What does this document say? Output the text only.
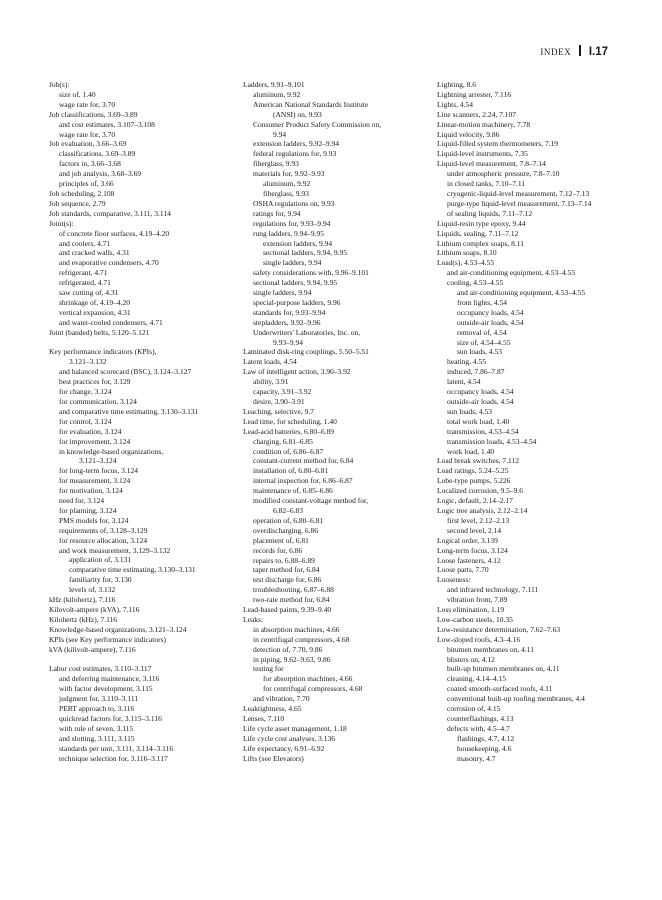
INDEX I.17
Job(s):
size of, 1.40
wage rate for, 3.70
Job classifications, 3.69–3.89
and cost estimates, 3.107–3.108
wage rate for, 3.70
Job evaluation, 3.66–3.69
classifications, 3.69–3.89
factors in, 3.66–3.68
and job analysis, 3.68–3.69
principles of, 3.66
Job scheduling, 2.108
Job sequence, 2.79
Job standards, comparative, 3.111, 3.114
Joint(s):
of concrete floor surfaces, 4.19–4.20
and coolers, 4.71
and cracked walls, 4.31
and evaporative condensers, 4.70
refrigerant, 4.71
refrigerated, 4.71
saw cutting of, 4.31
shrinkage of, 4.19–4.20
vertical expansion, 4.31
and water-cooled condensers, 4.71
Joint (banded) belts, 5.120–5.121
Key performance indicators (KPIs),
3.121–3.132
and balanced scorecard (BSC), 3.124–3.127
best practices for, 3.129
for change, 3.124
for communication, 3.124
and comparative time estimating, 3.130–3.131
for control, 3.124
for evaluation, 3.124
for improvement, 3.124
in knowledge-based organizations,
3.121–3.124
for long-term focus, 3.124
for measurement, 3.124
for motivation, 3.124
need for, 3.124
for planning, 3.124
PMS models for, 3.124
requirements of, 3.128–3.129
for resource allocation, 3.124
and work measurement, 3.129–3.132
application of, 3.131
comparative time estimating, 3.130–3.131
familiarity for, 3.130
levels of, 3.132
kHz (kilohertz), 7.116
Kilovolt-ampere (kVA), 7.116
Kilohertz (kHz), 7.116
Knowledge-based organizations, 3.121–3.124
KPIs (see Key performance indicators)
kVA (kilivolt-ampere), 7.116
Labor cost estimates, 3.110–3.117
and deferring maintenance, 3.116
with factor development, 3.115
judgment for, 3.110–3.111
PERT approach to, 3.116
quickread factors for, 3.115–3.116
with rule of seven, 3.115
and slotting, 3.111, 3.115
standards per unit, 3.111, 3.114–3.116
technique selection for, 3.116–3.117
Ladders, 9.91–9.101
aluminum, 9.92
American National Standards Institute
(ANSI) on, 9.93
Consumer Product Safety Commission on,
9.94
extension ladders, 9.92–9.94
federal regulations for, 9.93
fiberglass, 9.93
materials for, 9.92–9.93
aluminum, 9.92
fiberglass, 9.93
OSHA regulations on, 9.93
ratings for, 9.94
regulations for, 9.93–9.94
rung ladders, 9.94–9.95
extension ladders, 9.94
sectional ladders, 9.94, 9.95
single ladders, 9.94
safety considerations with, 9.96–9.101
sectional ladders, 9.94, 9.95
single ladders, 9.94
special-purpose ladders, 9.96
standards for, 9.93–9.94
stepladders, 9.92–9.96
Underwriters' Laboratories, Inc. on,
9.93–9.94
Laminated disk-ring couplings, 5.50–5.51
Latent loads, 4.54
Law of intelligent action, 3.90–3.92
ability, 3.91
capacity, 3.91–3.92
desire, 3.90–3.91
Leaching, selective, 9.7
Lead time, for scheduling, 1.40
Lead-acid batteries, 6.80–6.89
charging, 6.81–6.85
condition of, 6.86–6.87
constant-current method for, 6.84
installation of, 6.80–6.81
internal inspection for, 6.86–6.87
maintenance of, 6.85–6.86
modified constant-voltage method for,
6.82–6.83
operation of, 6.80–6.81
overdischarging, 6.86
placement of, 6.81
records for, 6.86
repairs to, 6.88–6.89
taper method for, 6.84
test discharge for, 6.86
troubleshooting, 6.87–6.88
two-rate method for, 6.84
Lead-based paints, 9.39–9.40
Leaks:
in absorption machines, 4.66
in centrifugal compressors, 4.68
detection of, 7.70, 9.86
in piping, 9.62–9.63, 9.86
testing for
for absorption machines, 4.66
for centrifugal compressors, 4.68
and vibration, 7.70
Leaktightness, 4.65
Lenses, 7.110
Life cycle asset management, 1.18
Life cycle cost analyses, 3.136
Life expectancy, 6.91–6.92
Lifts (see Elevators)
Lighting, 8.6
Lightning arrester, 7.116
Lights, 4.54
Line scanners, 2.24, 7.107
Linear-motion machinery, 7.78
Liquid velocity, 9.86
Liquid-filled system thermometers, 7.19
Liquid-level instruments, 7.35
Liquid-level measurement, 7.8–7.14
under atmospheric pressure, 7.8–7.10
in closed tanks, 7.10–7.11
cryogenic-liquid-level measurement, 7.12–7.13
purge-type liquid-level measurement, 7.13–7.14
of sealing liquids, 7.11–7.12
Liquid-resin type epoxy, 9.44
Liquids, sealing, 7.11–7.12
Lithium complex soaps, 8.11
Lithium soaps, 8.10
Load(s), 4.53–4.55
and air-conditioning equipment, 4.53–4.55
cooling, 4.53–4.55
and air-conditioning equipment, 4.53–4.55
from lights, 4.54
occupancy loads, 4.54
outside-air loads, 4.54
removal of, 4.54
size of, 4.54–4.55
sun loads, 4.53
heating, 4.55
induced, 7.86–7.87
latent, 4.54
occupancy loads, 4.54
outside-air loads, 4.54
sun loads, 4.53
total work load, 1.40
transmission, 4.53–4.54
transmission loads, 4.53–4.54
work load, 1.40
Load break switches, 7.112
Load ratings, 5.24–5.25
Lobe-type pumps, 5.226
Localized corrosion, 9.5–9.6
Logic, default, 2.14–2.17
Logic tree analysis, 2.12–2.14
first level, 2.12–2.13
second level, 2.14
Logical order, 3.139
Long-term focus, 3.124
Loose fasteners, 4.12
Loose parts, 7.70
Looseness:
and infrared technology, 7.111
vibration from, 7.89
Loss elimination, 1.19
Low-carbon steels, 10.35
Low-resistance determination, 7.62–7.63
Low-sloped roofs, 4.3–4.16
bitumen membranes on, 4.11
blisters on, 4.12
built-up bitumen membranes on, 4.11
cleaning, 4.14–4.15
coated smooth-surfaced roofs, 4.11
conventional built-up roofing membranes, 4.4
corrosion of, 4.15
counterflashings, 4.13
defects with, 4.5–4.7
flashings, 4.7, 4.12
housekeeping, 4.6
masonry, 4.7
